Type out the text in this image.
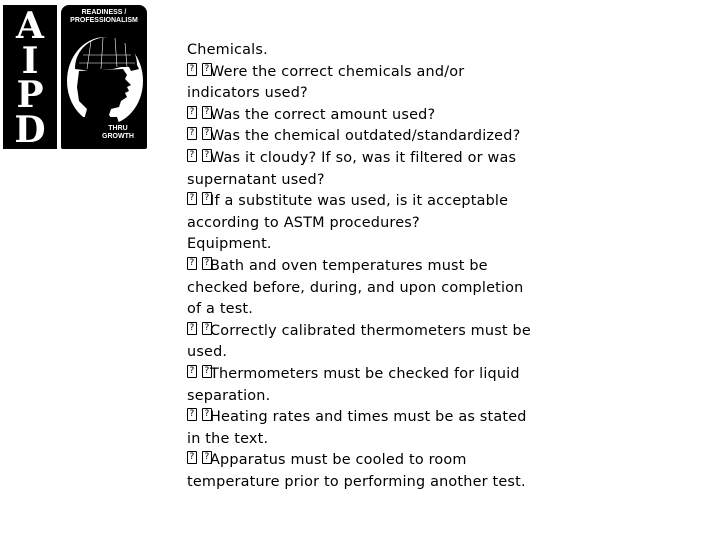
A
I
P
D
READINESS /
PROFESSIONALISM
THRU
GROWTH
Chemicals.
? ? Were the correct chemicals and/or
indicators used?
? ? Was the correct amount used?
? ? Was the chemical outdated/standardized?
? ? Was it cloudy? If so, was it filtered or was
supernatant used?
? ? If a substitute was used, is it acceptable
according to ASTM procedures?
Equipment.
? ? Bath and oven temperatures must be
checked before, during, and upon completion
of a test.
? ? Correctly calibrated thermometers must be
used.
? ? Thermometers must be checked for liquid
separation.
? ? Heating rates and times must be as stated
in the text.
? ? Apparatus must be cooled to room
temperature prior to performing another test.
